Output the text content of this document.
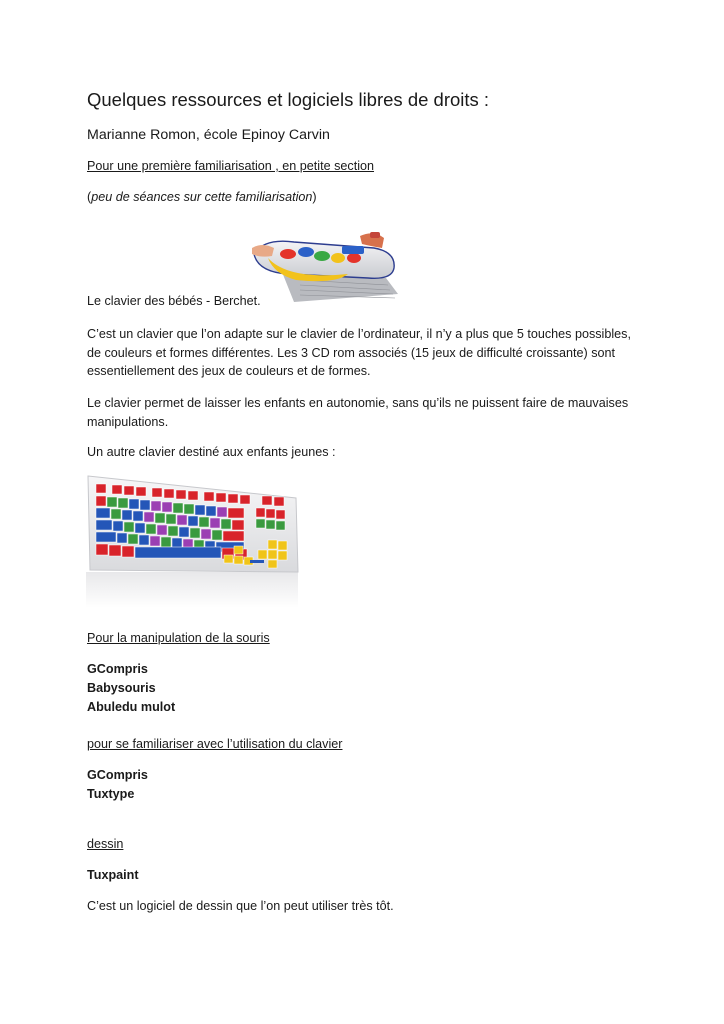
Quelques ressources et logiciels libres de droits :

Marianne Romon, école Epinoy Carvin

Pour une première familiarisation , en petite section

(peu de séances sur cette familiarisation)

Le clavier des bébés - Berchet.

C’est un clavier que l’on adapte sur le clavier de l’ordinateur, il n’y a plus que 5 touches possibles, de couleurs et formes différentes. Les 3 CD rom associés (15 jeux de difficulté croissante) sont essentiellement des jeux de couleurs et de formes.

Le clavier permet de laisser les enfants en autonomie, sans qu’ils ne puissent faire de mauvaises manipulations.

Un autre clavier destiné aux enfants jeunes :

Pour la manipulation de la souris

GCompris

Babysouris

Abuledu mulot

pour se familiariser avec l’utilisation du clavier

GCompris

Tuxtype

dessin

Tuxpaint

C’est un logiciel de dessin que l’on peut utiliser très tôt.
